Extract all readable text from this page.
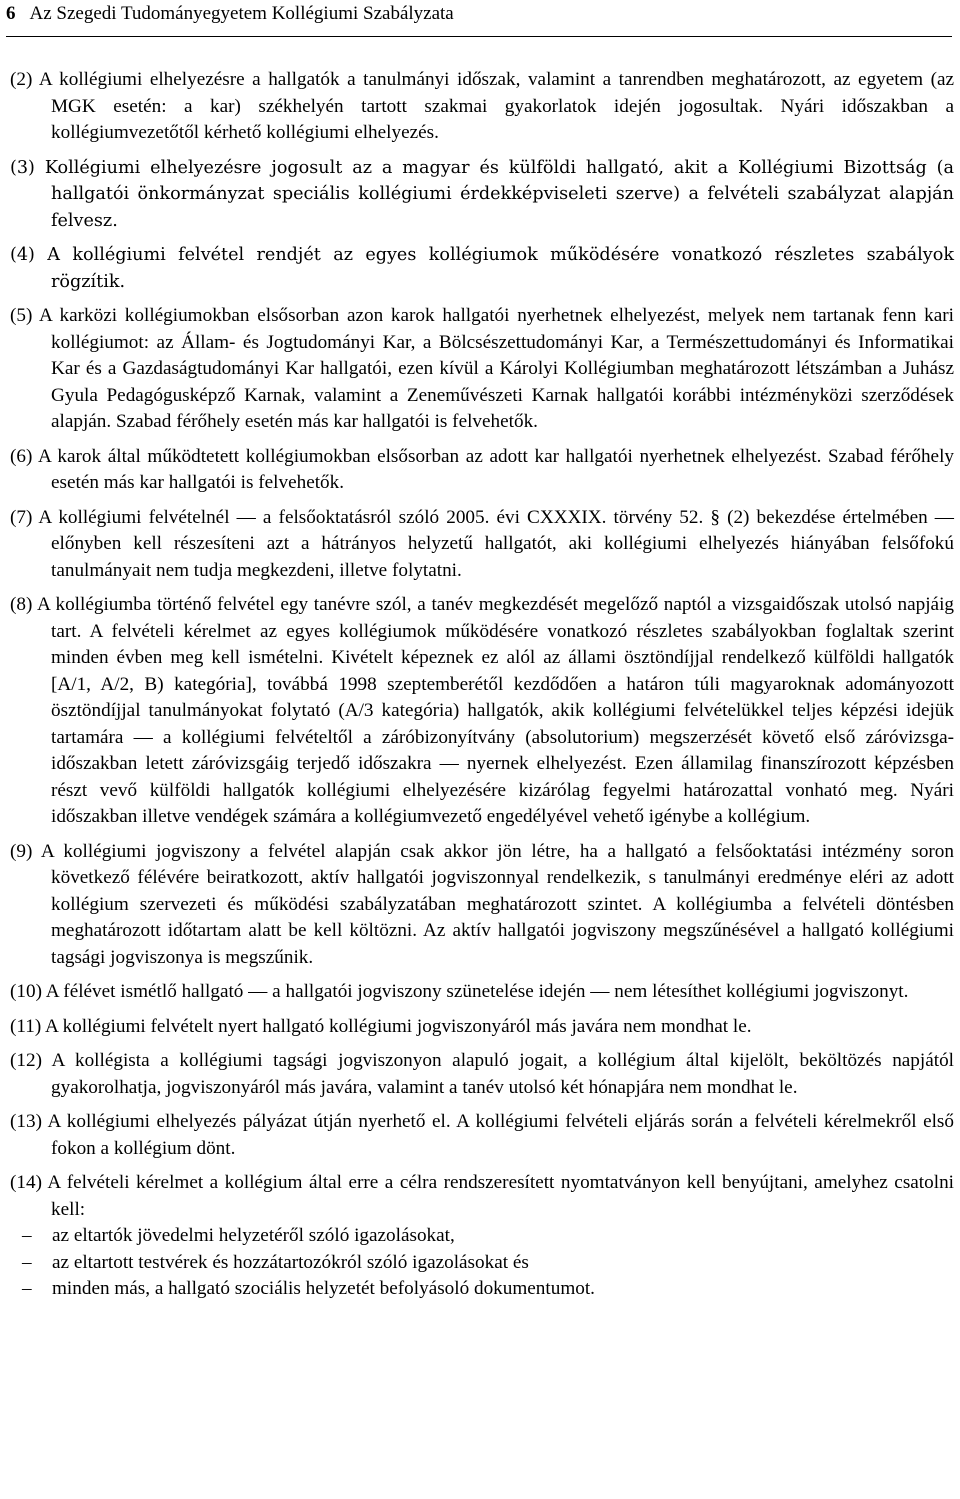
6 Az Szegedi Tudományegyetem Kollégiumi Szabályzata

(2) A kollégiumi elhelyezésre a hallgatók a tanulmányi időszak, valamint a tanrendben meghatározott, az egyetem (az MGK esetén: a kar) székhelyén tartott szakmai gyakorlatok idején jogosultak. Nyári időszakban a kollégiumvezetőtől kérhető kollégiumi elhelyezés.

(3) Kollégiumi elhelyezésre jogosult az a magyar és külföldi hallgató, akit a Kollégiumi Bizottság (a hallgatói önkormányzat speciális kollégiumi érdekképviseleti szerve) a felvételi szabályzat alapján felvesz.

(4) A kollégiumi felvétel rendjét az egyes kollégiumok működésére vonatkozó részletes szabályok rögzítik.

(5) A karközi kollégiumokban elsősorban azon karok hallgatói nyerhetnek elhelyezést, melyek nem tartanak fenn kari kollégiumot: az Állam- és Jogtudományi Kar, a Bölcsészettudományi Kar, a Természettudományi és Informatikai Kar és a Gazdaságtudományi Kar hallgatói, ezen kívül a Károlyi Kollégiumban meghatározott létszámban a Juhász Gyula Pedagógusképző Karnak, valamint a Zeneművészeti Karnak hallgatói korábbi intézményközi szerződések alapján. Szabad férőhely esetén más kar hallgatói is felvehetők.

(6) A karok által működtetett kollégiumokban elsősorban az adott kar hallgatói nyerhetnek elhelyezést. Szabad férőhely esetén más kar hallgatói is felvehetők.

(7) A kollégiumi felvételnél — a felsőoktatásról szóló 2005. évi CXXXIX. törvény 52. § (2) bekezdése értelmében — előnyben kell részesíteni azt a hátrányos helyzetű hallgatót, aki kollégiumi elhelyezés hiányában felsőfokú tanulmányait nem tudja megkezdeni, illetve folytatni.

(8) A kollégiumba történő felvétel egy tanévre szól, a tanév megkezdését megelőző naptól a vizsgaidőszak utolsó napjáig tart. A felvételi kérelmet az egyes kollégiumok működésére vonatkozó részletes szabályokban foglaltak szerint minden évben meg kell ismételni. Kivételt képeznek ez alól az állami ösztöndíjjal rendelkező külföldi hallgatók [A/1, A/2, B) kategória], továbbá 1998 szeptemberétől kezdődően a határon túli magyaroknak adományozott ösztöndíjjal tanulmányokat folytató (A/3 kategória) hallgatók, akik kollégiumi felvételükkel teljes képzési idejük tartamára — a kollégiumi felvételtől a záróbizonyítvány (absolutorium) megszerzését követő első záróvizsga-időszakban letett záróvizsgáig terjedő időszakra — nyernek elhelyezést. Ezen államilag finanszírozott képzésben részt vevő külföldi hallgatók kollégiumi elhelyezésére kizárólag fegyelmi határozattal vonható meg. Nyári időszakban illetve vendégek számára a kollégiumvezető engedélyével vehető igénybe a kollégium.

(9) A kollégiumi jogviszony a felvétel alapján csak akkor jön létre, ha a hallgató a felsőoktatási intézmény soron következő félévére beiratkozott, aktív hallgatói jogviszonnyal rendelkezik, s tanulmányi eredménye eléri az adott kollégium szervezeti és működési szabályzatában meghatározott szintet. A kollégiumba a felvételi döntésben meghatározott időtartam alatt be kell költözni. Az aktív hallgatói jogviszony megszűnésével a hallgató kollégiumi tagsági jogviszonya is megszűnik.

(10) A félévet ismétlő hallgató — a hallgatói jogviszony szünetelése idején — nem létesíthet kollégiumi jogviszonyt.

(11) A kollégiumi felvételt nyert hallgató kollégiumi jogviszonyáról más javára nem mondhat le.

(12) A kollégista a kollégiumi tagsági jogviszonyon alapuló jogait, a kollégium által kijelölt, beköltözés napjától gyakorolhatja, jogviszonyáról más javára, valamint a tanév utolsó két hónapjára nem mondhat le.

(13) A kollégiumi elhelyezés pályázat útján nyerhető el. A kollégiumi felvételi eljárás során a felvételi kérelmekről első fokon a kollégium dönt.

(14) A felvételi kérelmet a kollégium által erre a célra rendszeresített nyomtatványon kell benyújtani, amelyhez csatolni kell:

– az eltartók jövedelmi helyzetéről szóló igazolásokat,
– az eltartott testvérek és hozzátartozókról szóló igazolásokat és
– minden más, a hallgató szociális helyzetét befolyásoló dokumentumot.
